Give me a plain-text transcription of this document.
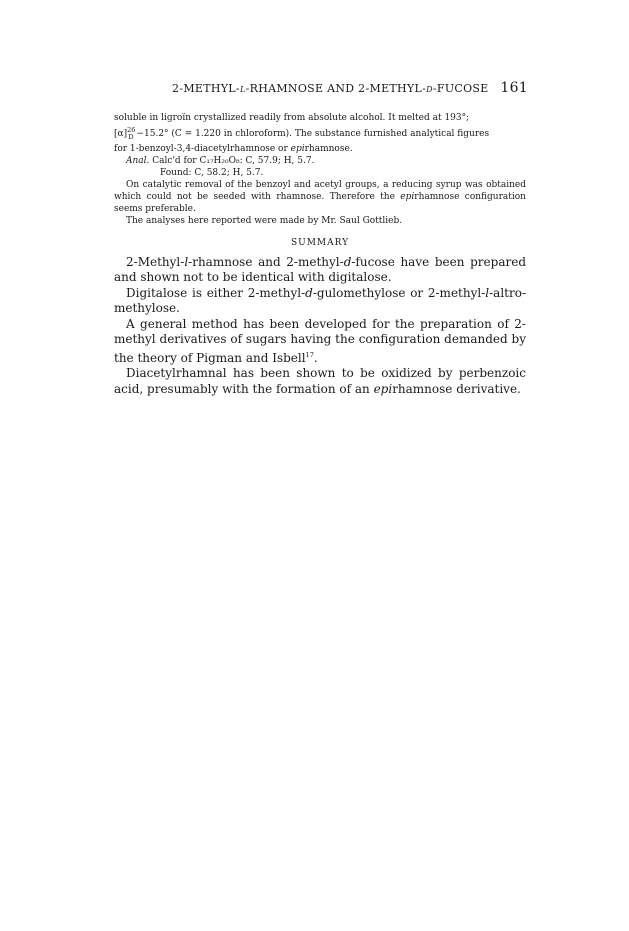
2-METHYL-l-RHAMNOSE AND 2-METHYL-d-FUCOSE 161

soluble in ligroïn crystallized readily from absolute alcohol. It melted at 193°;

$[\alpha]^{26}_D -15.2^\circ$ (C = 1.220 in chloroform). The substance furnished analytical figures

for 1-benzoyl-3,4-diacetylrhamnose or epirhamnose.

Anal. Calc'd for C₁₇H₂₀O₈: C, 57.9; H, 5.7.

Found: C, 58.2; H, 5.7.

On catalytic removal of the benzoyl and acetyl groups, a reducing syrup was obtained which could not be seeded with rhamnose. Therefore the epirhamnose configuration seems preferable.

The analyses here reported were made by Mr. Saul Gottlieb.

SUMMARY

2-Methyl-l-rhamnose and 2-methyl-d-fucose have been prepared and shown not to be identical with digitalose.

Digitalose is either 2-methyl-d-gulomethylose or 2-methyl-l-altro-methylose.

A general method has been developed for the preparation of 2-methyl derivatives of sugars having the configuration demanded by the theory of Pigman and Isbell$^{17}$.

Diacetylrhamnal has been shown to be oxidized by perbenzoic acid, presumably with the formation of an epirhamnose derivative.
